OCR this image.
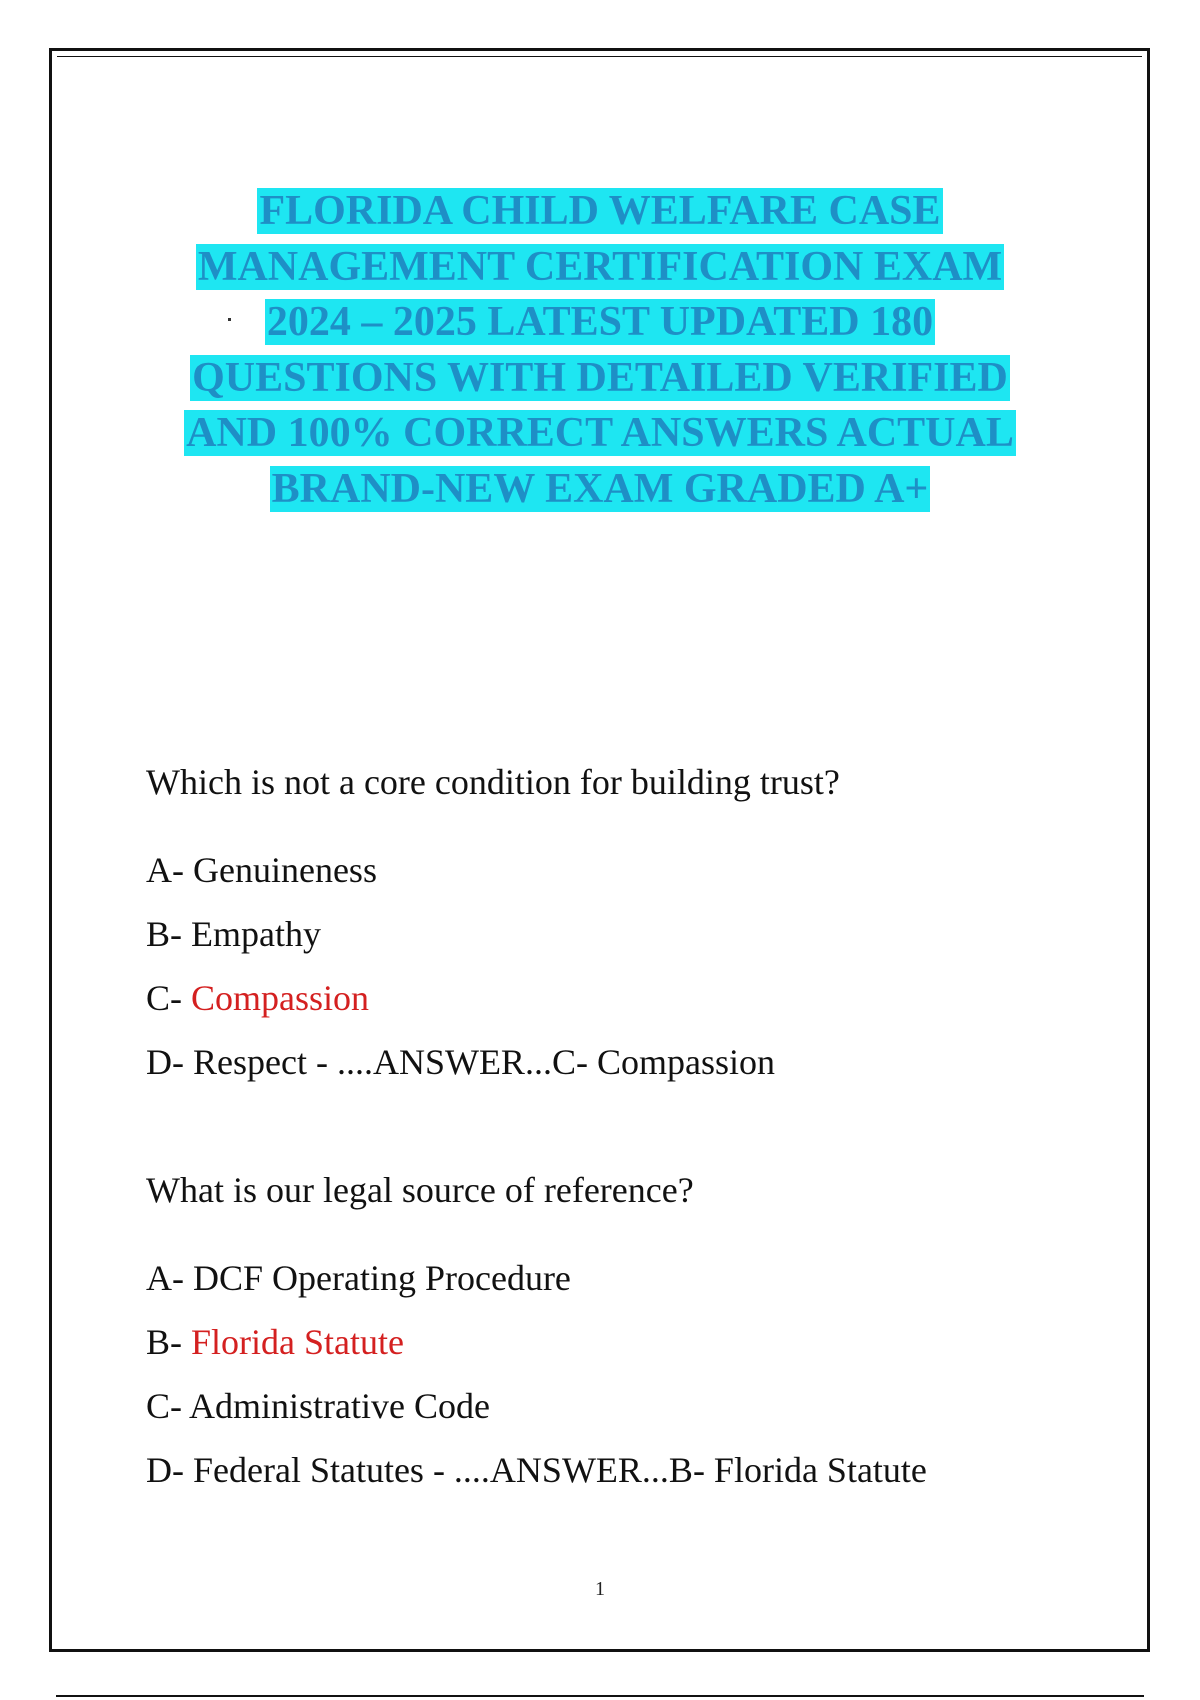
FLORIDA CHILD WELFARE CASE
MANAGEMENT CERTIFICATION EXAM
2024 – 2025 LATEST UPDATED 180
QUESTIONS WITH DETAILED VERIFIED
AND 100% CORRECT ANSWERS ACTUAL
BRAND-NEW EXAM GRADED A+

Which is not a core condition for building trust?

A- Genuineness
B- Empathy
C- Compassion
D- Respect - ....ANSWER...C- Compassion

What is our legal source of reference?

A- DCF Operating Procedure
B- Florida Statute
C- Administrative Code
D- Federal Statutes - ....ANSWER...B- Florida Statute
1
